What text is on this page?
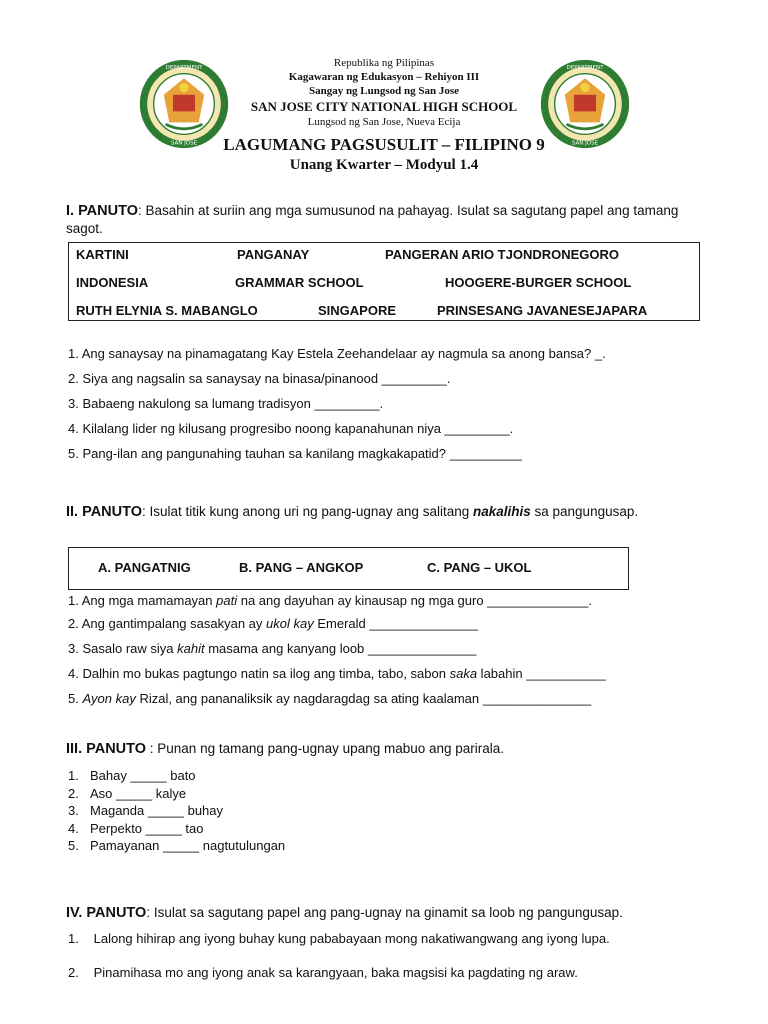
DEPARTMENT
SAN JOSE
DEPARTMENT
SAN JOSE
Republika ng Pilipinas
Kagawaran ng Edukasyon – Rehiyon III
Sangay ng Lungsod ng San Jose
SAN JOSE CITY NATIONAL HIGH SCHOOL
Lungsod ng San Jose, Nueva Ecija
LAGUMANG PAGSUSULIT – FILIPINO 9
Unang Kwarter – Modyul 1.4
I. PANUTO: Basahin at suriin ang mga sumusunod na pahayag. Isulat sa sagutang papel ang tamang sagot.
KARTINI	PANGANAY	PANGERAN ARIO TJONDRONEGORO
INDONESIA	GRAMMAR SCHOOL	HOOGERE-BURGER SCHOOL
RUTH ELYNIA S. MABANGLO	SINGAPORE	PRINSESANG JAVANESEJAPARA
1. Ang sanaysay na pinamagatang Kay Estela Zeehandelaar ay nagmula sa anong bansa? _.
2. Siya ang nagsalin sa sanaysay na binasa/pinanood _________.
3. Babaeng nakulong sa lumang tradisyon _________.
4. Kilalang lider ng kilusang progresibo noong kapanahunan niya _________.
5. Pang-ilan ang pangunahing tauhan sa kanilang magkakapatid? __________
II. PANUTO: Isulat titik kung anong uri ng pang-ugnay ang salitang nakalihis sa pangungusap.
A. PANGATNIG	B. PANG – ANGKOP	C. PANG – UKOL
1. Ang mga mamamayan pati na ang dayuhan ay kinausap ng mga guro ______________.
2. Ang gantimpalang sasakyan ay ukol kay Emerald _______________
3. Sasalo raw siya kahit masama ang kanyang loob _______________
4. Dalhin mo bukas pagtungo natin sa ilog ang timba, tabo, sabon saka labahin ___________
5. Ayon kay Rizal, ang pananaliksik ay nagdaragdag sa ating kaalaman _______________
III. PANUTO : Punan ng tamang pang-ugnay upang mabuo ang parirala.
1. Bahay _____ bato
2. Aso _____ kalye
3. Maganda _____ buhay
4. Perpekto _____ tao
5. Pamayanan _____ nagtutulungan
IV. PANUTO: Isulat sa sagutang papel ang pang-ugnay na ginamit sa loob ng pangungusap.
1. Lalong hihirap ang iyong buhay kung pababayaan mong nakatiwangwang ang iyong lupa.
2. Pinamihasa mo ang iyong anak sa karangyaan, baka magsisi ka pagdating ng araw.
